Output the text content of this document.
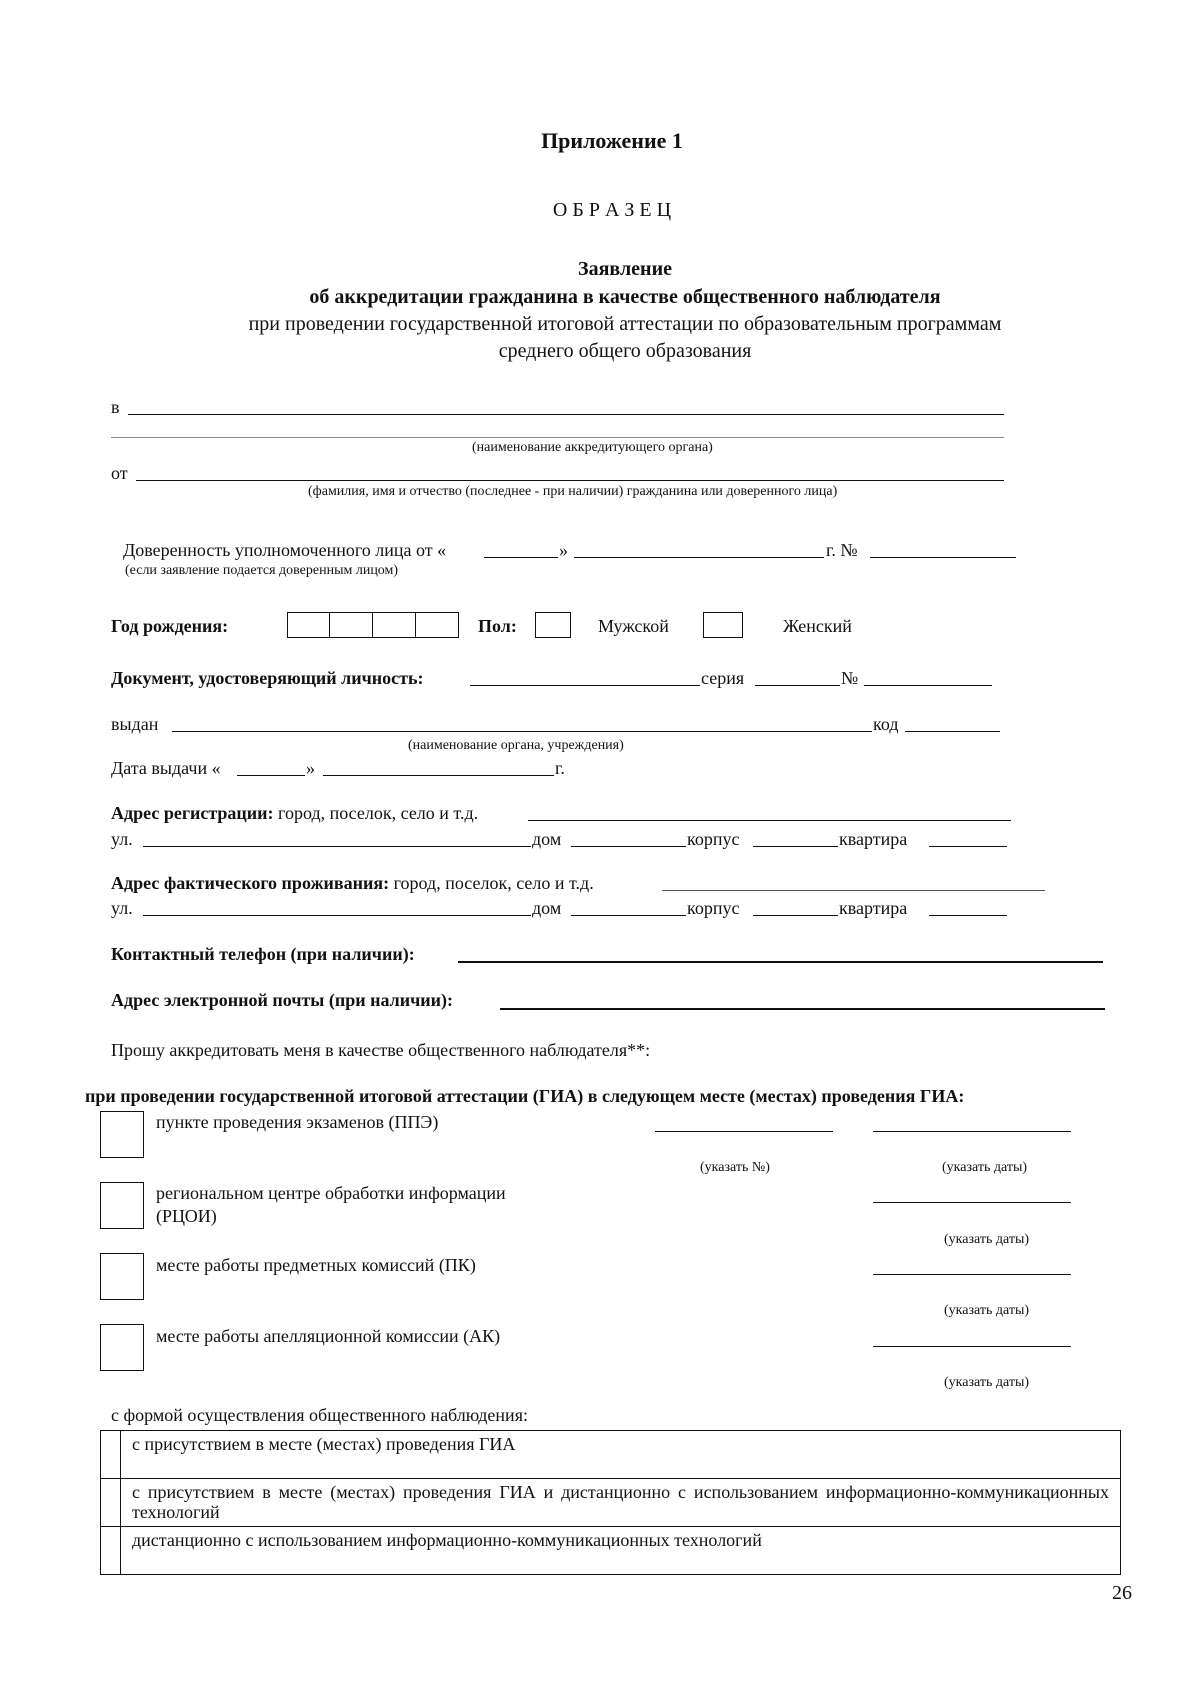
Приложение 1
О Б Р А З Е Ц
Заявление
об аккредитации гражданина в качестве общественного наблюдателя
при проведении государственной итоговой аттестации по образовательным программам
среднего общего образования
в
(наименование аккредитующего органа)
от
(фамилия, имя и отчество (последнее - при наличии) гражданина или доверенного лица)
Доверенность уполномоченного лица от «	»	г. №
(если заявление подается доверенным лицом)
Год рождения:	Пол:	Мужской	Женский
Документ, удостоверяющий личность:	серия	№
выдан	код
(наименование органа, учреждения)
Дата выдачи «	»	г.
Адрес регистрации: город, поселок, село и т.д.
ул.	дом	корпус	квартира
Адрес фактического проживания: город, поселок, село и т.д.
ул.	дом	корпус	квартира
Контактный телефон (при наличии):
Адрес электронной почты (при наличии):
Прошу аккредитовать меня в качестве общественного наблюдателя**:
при проведении государственной итоговой аттестации (ГИА) в следующем месте (местах) проведения ГИА:
пункте проведения экзаменов (ППЭ)
(указать №)	(указать даты)
региональном центре обработки информации
(РЦОИ)
(указать даты)
месте работы предметных комиссий (ПК)
(указать даты)
месте работы апелляционной комиссии (АК)
(указать даты)
с формой осуществления общественного наблюдения:
	с присутствием в месте (местах) проведения ГИА
	с присутствием в месте (местах) проведения ГИА и дистанционно с использованием информационно-коммуникационных технологий
	дистанционно с использованием информационно-коммуникационных технологий
26
